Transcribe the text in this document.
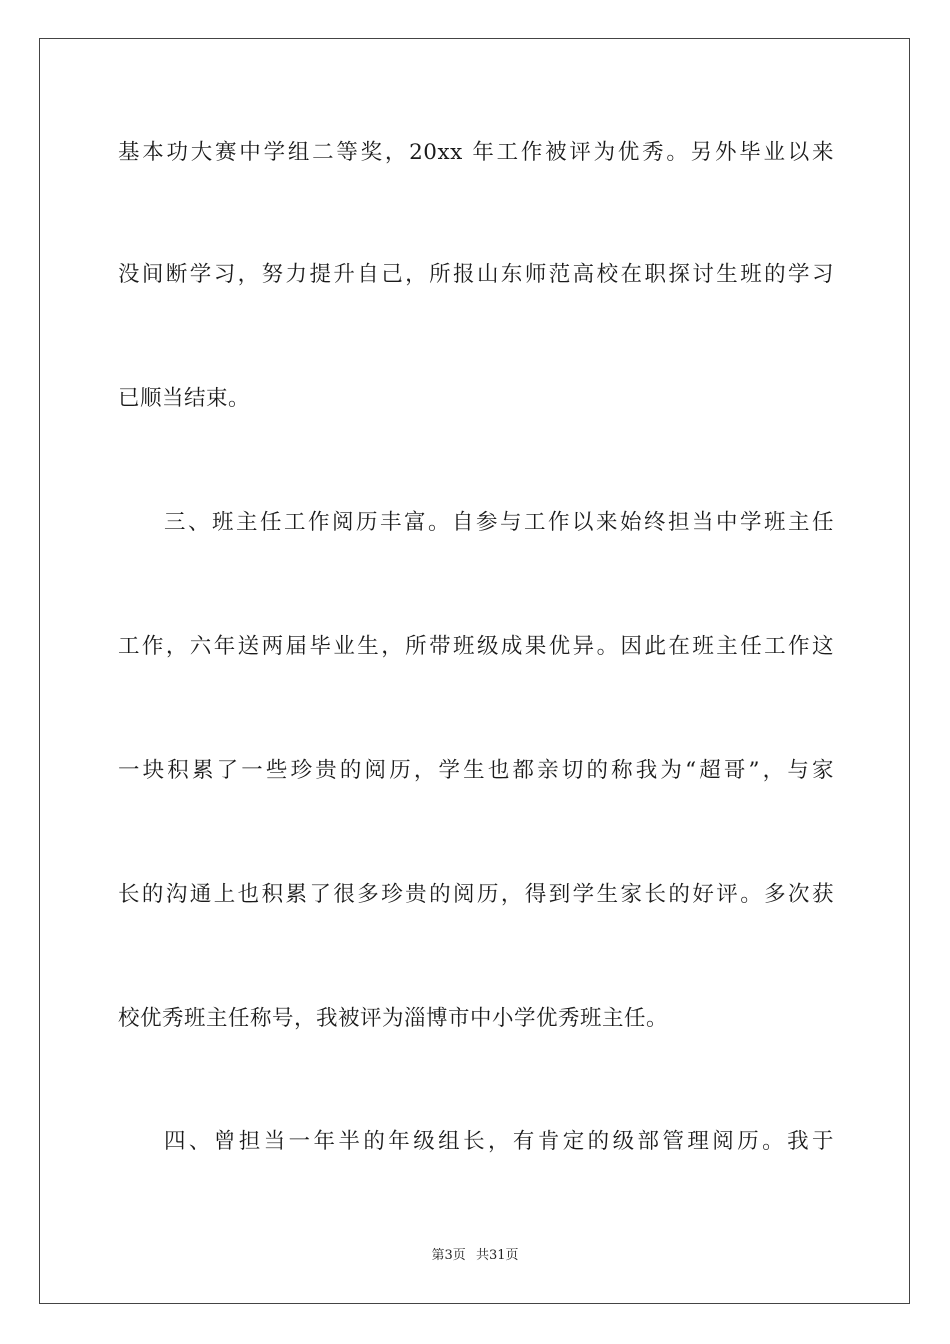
基本功大赛中学组二等奖，20xx 年工作被评为优秀。另外毕业以来
没间断学习，努力提升自己，所报山东师范高校在职探讨生班的学习
已顺当结束。
三、班主任工作阅历丰富。自参与工作以来始终担当中学班主任
工作，六年送两届毕业生，所带班级成果优异。因此在班主任工作这
一块积累了一些珍贵的阅历，学生也都亲切的称我为“超哥”，与家
长的沟通上也积累了很多珍贵的阅历，得到学生家长的好评。多次获
校优秀班主任称号，我被评为淄博市中小学优秀班主任。
四、曾担当一年半的年级组长，有肯定的级部管理阅历。我于
第3页 共31页
